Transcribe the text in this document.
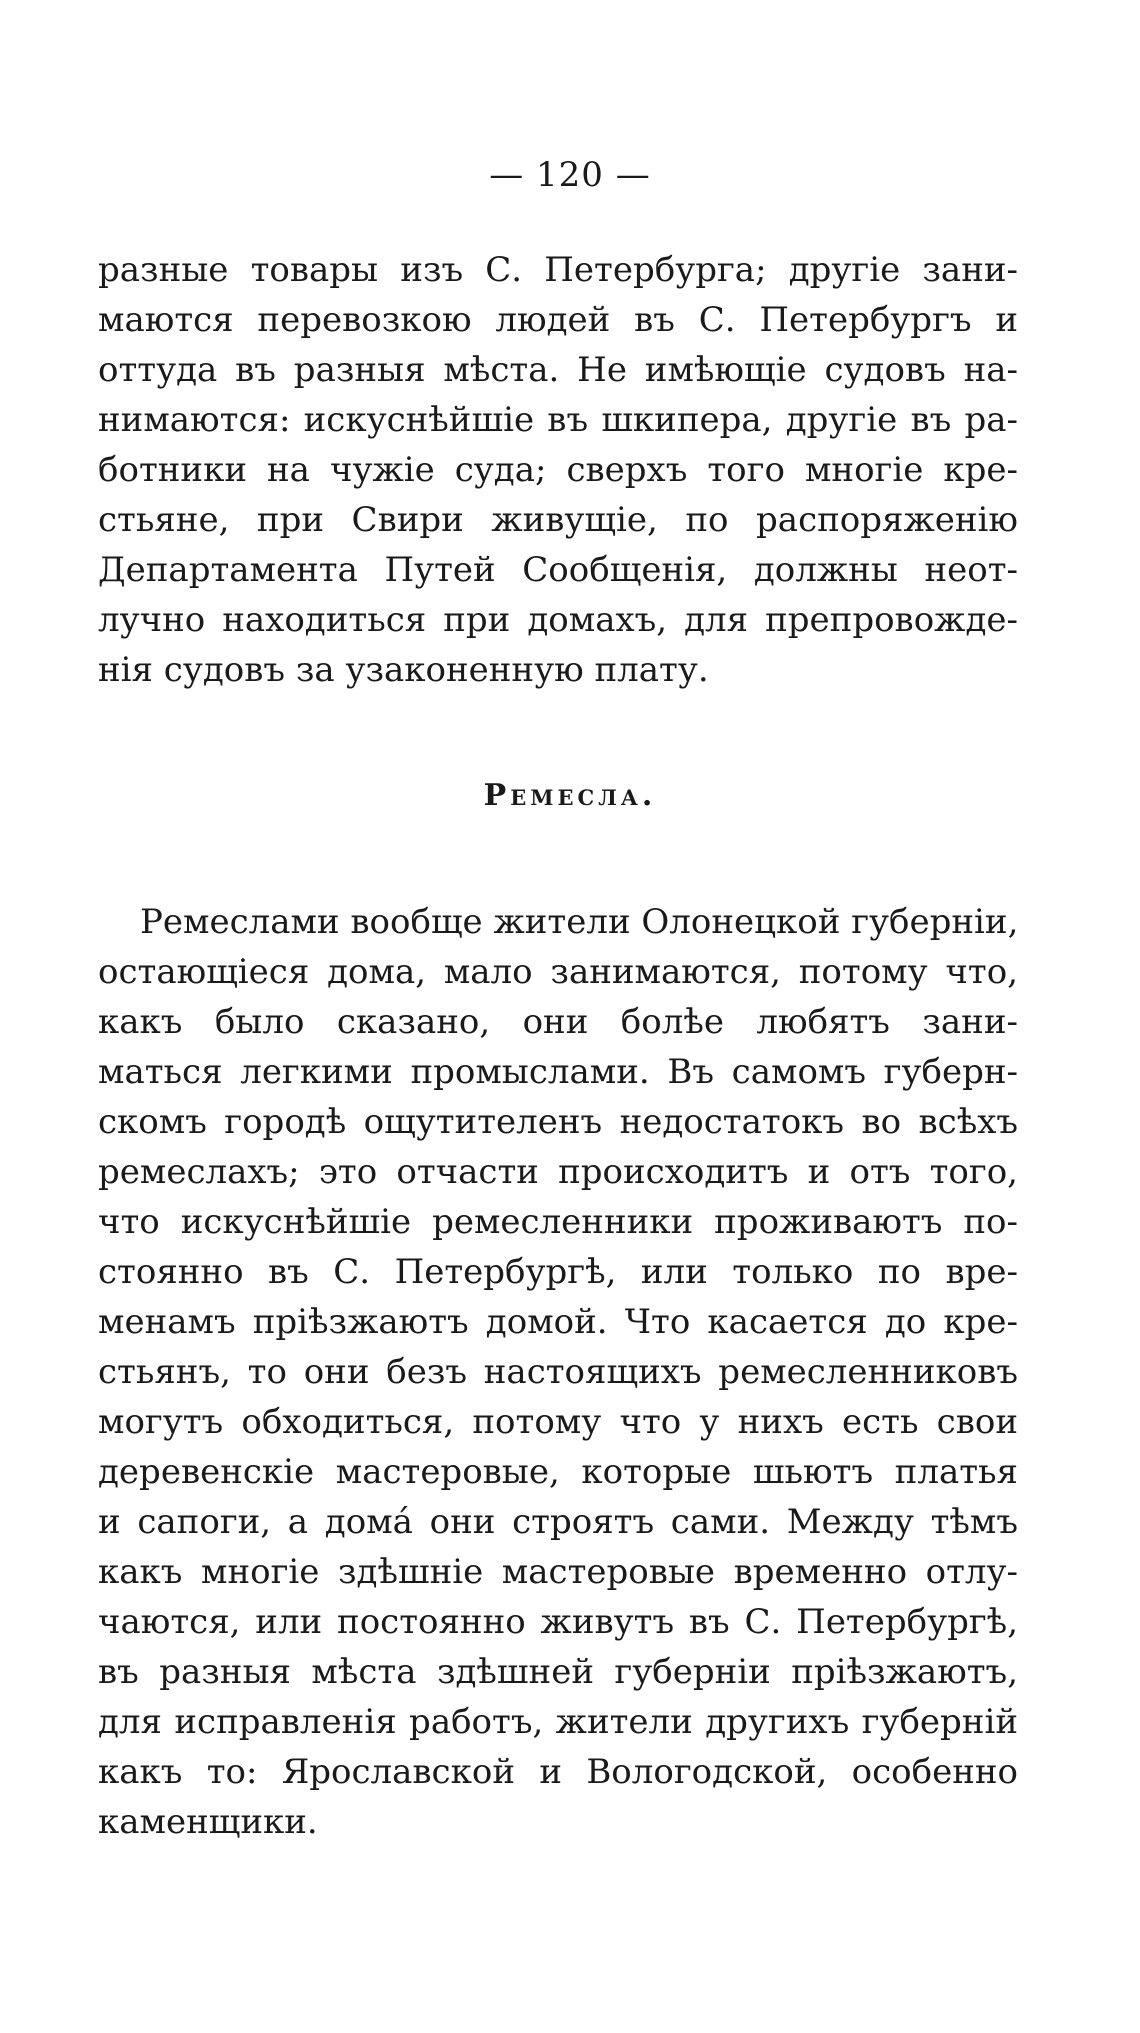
— 120 —
разные товары изъ С. Петербурга; другіе зани-
маются перевозкою людей въ С. Петербургъ и
оттуда въ разныя мѣста. Не имѣющіе судовъ на-
нимаются: искуснѣйшіе въ шкипера, другіе въ ра-
ботники на чужіе суда; сверхъ того многіе кре-
стьяне, при Свири живущіе, по распоряженію
Департамента Путей Сообщенія, должны неот-
лучно находиться при домахъ, для препровожде-
нія судовъ за узаконенную плату.
Ремесла.
Ремеслами вообще жители Олонецкой губерніи,
остающіеся дома, мало занимаются, потому что,
какъ было сказано, они болѣе любятъ зани-
маться легкими промыслами. Въ самомъ губерн-
скомъ городѣ ощутителенъ недостатокъ во всѣхъ
ремеслахъ; это отчасти происходитъ и отъ того,
что искуснѣйшіе ремесленники проживаютъ по-
стоянно въ С. Петербургѣ, или только по вре-
менамъ пріѣзжаютъ домой. Что касается до кре-
стьянъ, то они безъ настоящихъ ремесленниковъ
могутъ обходиться, потому что у нихъ есть свои
деревенскіе мастеровые, которые шьютъ платья
и сапоги, а домá они строятъ сами. Между тѣмъ
какъ многіе здѣшніе мастеровые временно отлу-
чаются, или постоянно живутъ въ С. Петербургѣ,
въ разныя мѣста здѣшней губерніи пріѣзжаютъ,
для исправленія работъ, жители другихъ губерній
какъ то: Ярославской и Вологодской, особенно
каменщики.
